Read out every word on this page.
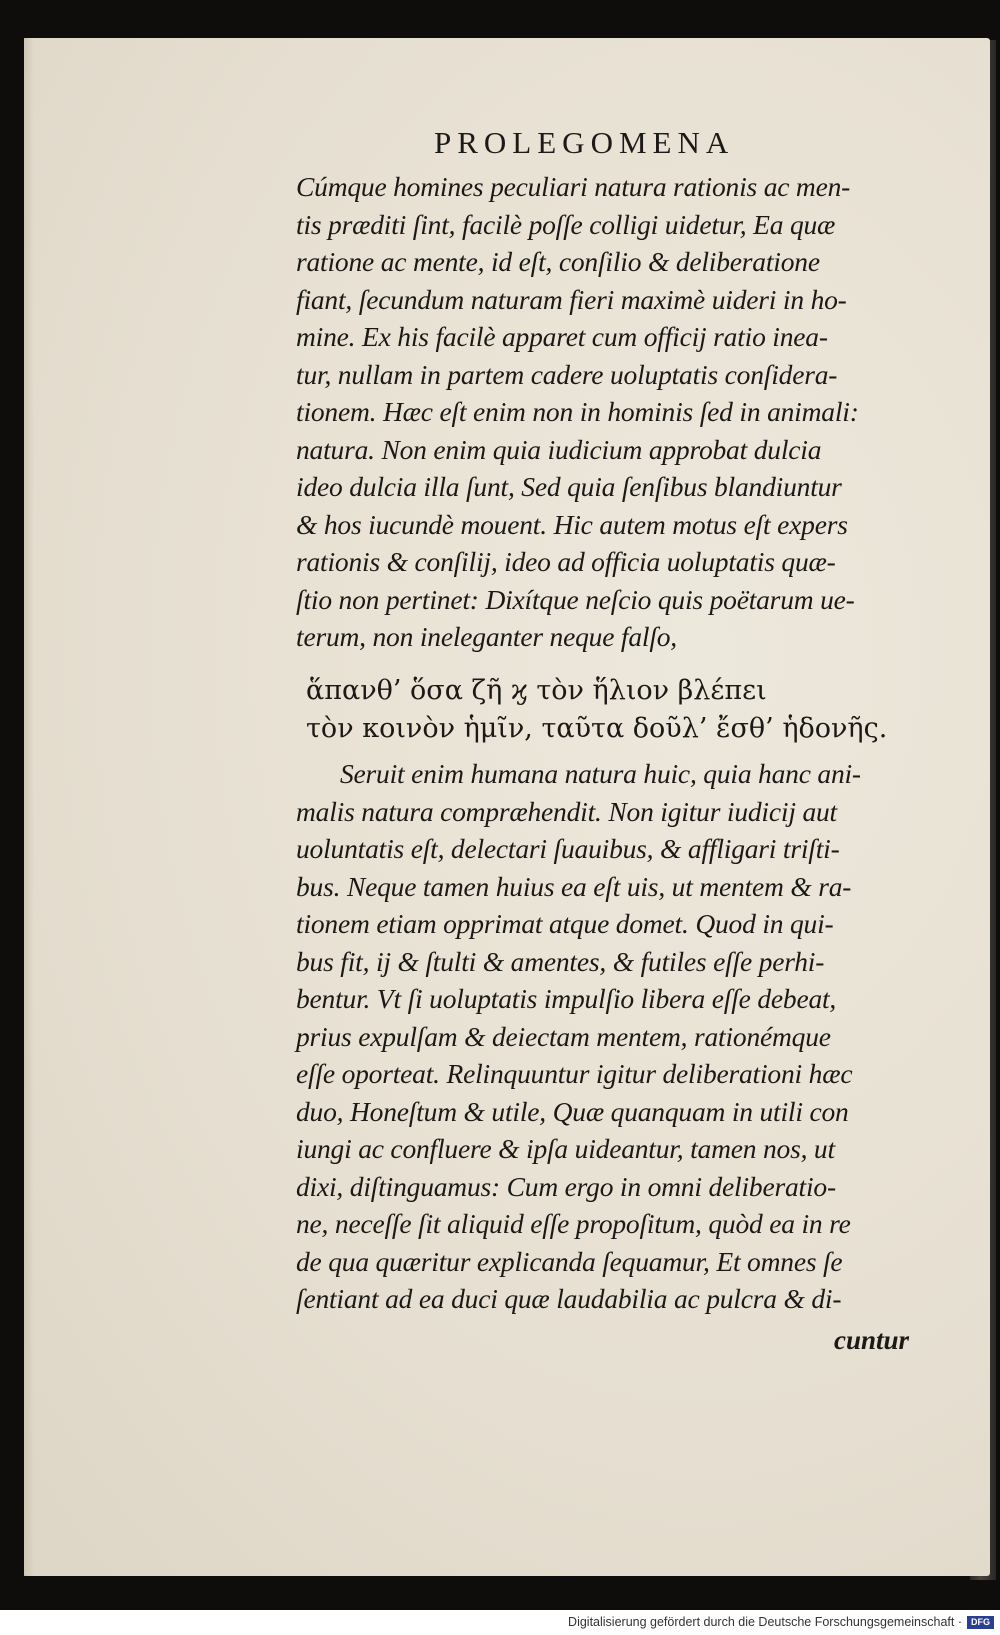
PROLEGOMENA
Cúmque homines peculiari natura rationis ac men-
tis præditi ſint, facilè poſſe colligi uidetur, Ea quæ
ratione ac mente, id eſt, conſilio & deliberatione
fiant, ſecundum naturam fieri maximè uideri in ho-
mine. Ex his facilè apparet cum officij ratio inea-
tur, nullam in partem cadere uoluptatis conſidera-
tionem. Hæc eſt enim non in hominis ſed in animali:
natura. Non enim quia iudicium approbat dulcia
ideo dulcia illa ſunt, Sed quia ſenſibus blandiuntur
& hos iucundè mouent. Hic autem motus eſt expers
rationis & conſilij, ideo ad officia uoluptatis quæ-
ſtio non pertinet: Dixítque neſcio quis poëtarum ue-
terum, non ineleganter neque falſo,
ἅπανθ’ ὅσα ζῆ ϗ τὸν ἥλιον βλέπει
τὸν κοινὸν ἡμῖν, ταῦτα δοῦλ’ ἔσθ’ ἡδονῆς.
Seruit enim humana natura huic, quia hanc ani-
malis natura compræhendit. Non igitur iudicij aut
uoluntatis eſt, delectari ſuauibus, & affligari triſti-
bus. Neque tamen huius ea eſt uis, ut mentem & ra-
tionem etiam opprimat atque domet. Quod in qui-
bus fit, ij & ſtulti & amentes, & futiles eſſe perhi-
bentur. Vt ſi uoluptatis impulſio libera eſſe debeat,
prius expulſam & deiectam mentem, rationémque
eſſe oporteat. Relinquuntur igitur deliberationi hæc
duo, Honeſtum & utile, Quæ quanquam in utili con
iungi ac confluere & ipſa uideantur, tamen nos, ut
dixi, diſtinguamus: Cum ergo in omni deliberatio-
ne, neceſſe ſit aliquid eſſe propoſitum, quòd ea in re
de qua quæritur explicanda ſequamur, Et omnes ſe
ſentiant ad ea duci quæ laudabilia ac pulcra & di-
cuntur
Digitalisierung gefördert durch die Deutsche Forschungsgemeinschaft ·	DFG
